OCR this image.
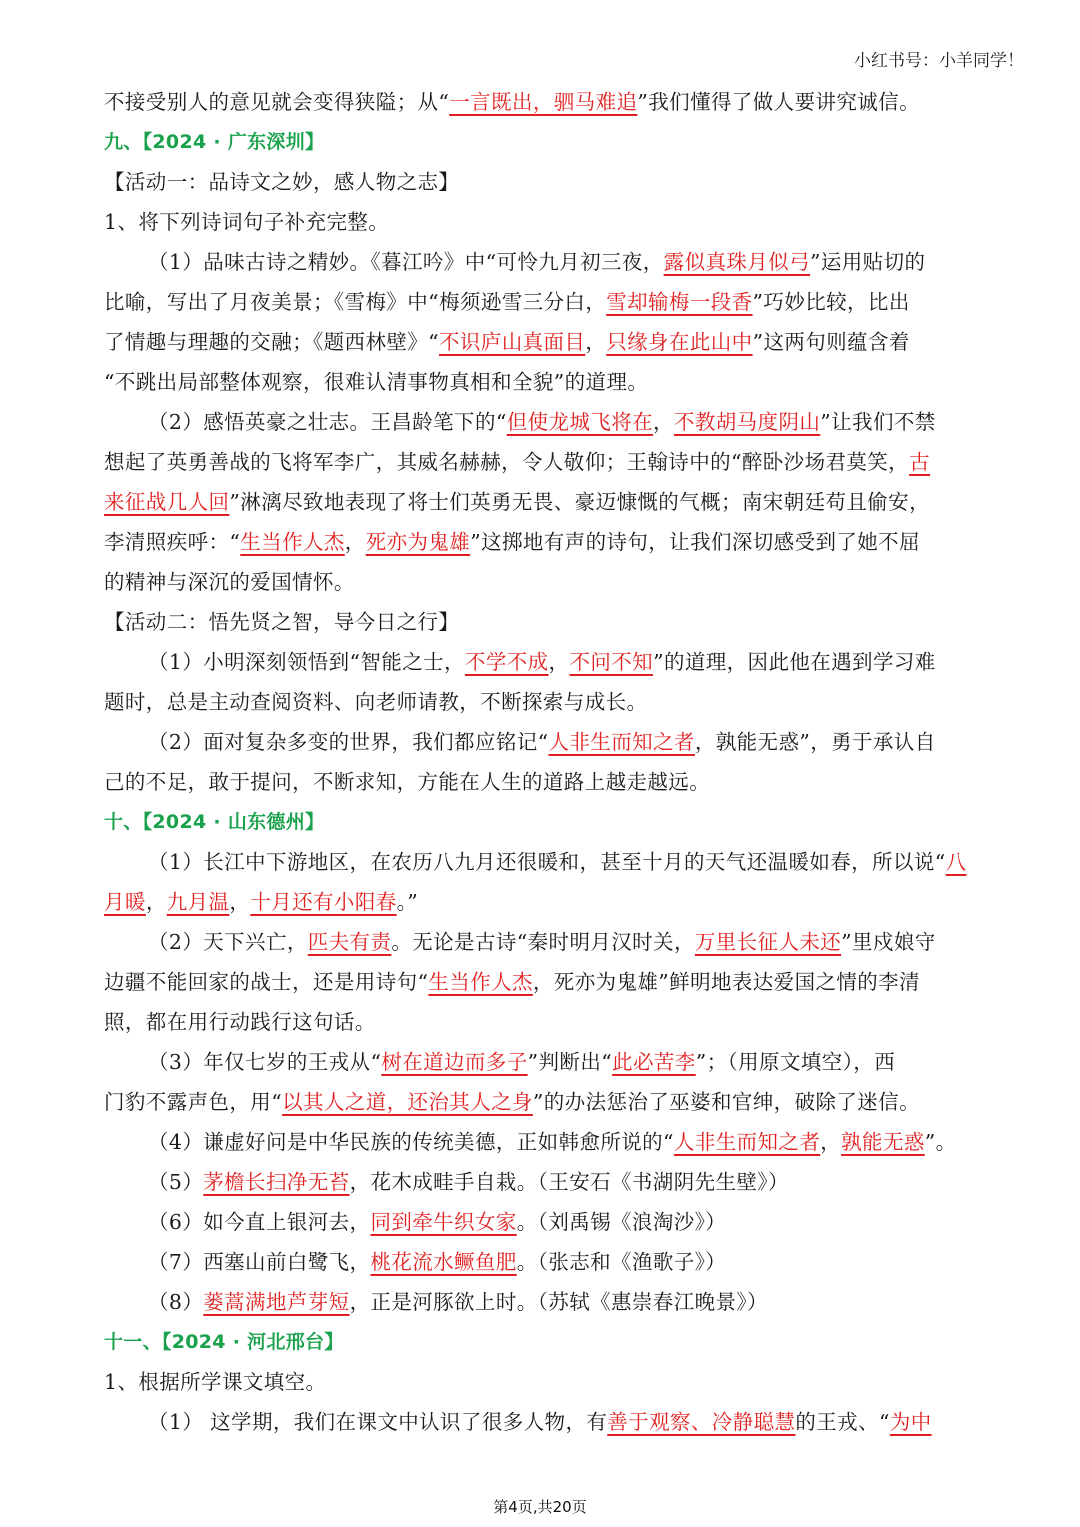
小红书号：小羊同学！
不接受别人的意见就会变得狭隘；从“一言既出，驷马难追”我们懂得了做人要讲究诚信。
九、【2024 · 广东深圳】
【活动一：品诗文之妙，感人物之志】
1、将下列诗词句子补充完整。
（1）品味古诗之精妙。《暮江吟》中“可怜九月初三夜，露似真珠月似弓”运用贴切的
比喻，写出了月夜美景；《雪梅》中“梅须逊雪三分白，雪却输梅一段香”巧妙比较，比出
了情趣与理趣的交融；《题西林壁》“不识庐山真面目，只缘身在此山中”这两句则蕴含着
“不跳出局部整体观察，很难认清事物真相和全貌”的道理。
（2）感悟英豪之壮志。王昌龄笔下的“但使龙城飞将在，不教胡马度阴山”让我们不禁
想起了英勇善战的飞将军李广，其威名赫赫，令人敬仰；王翰诗中的“醉卧沙场君莫笑，古
来征战几人回”淋漓尽致地表现了将士们英勇无畏、豪迈慷慨的气概；南宋朝廷苟且偷安，
李清照疾呼：“生当作人杰，死亦为鬼雄”这掷地有声的诗句，让我们深切感受到了她不屈
的精神与深沉的爱国情怀。
【活动二：悟先贤之智，导今日之行】
（1）小明深刻领悟到“智能之士，不学不成，不问不知”的道理，因此他在遇到学习难
题时，总是主动查阅资料、向老师请教，不断探索与成长。
（2）面对复杂多变的世界，我们都应铭记“人非生而知之者，孰能无惑”，勇于承认自
己的不足，敢于提问，不断求知，方能在人生的道路上越走越远。
十、【2024 · 山东德州】
（1）长江中下游地区，在农历八九月还很暖和，甚至十月的天气还温暖如春，所以说“八
月暖，九月温，十月还有小阳春。”
（2）天下兴亡，匹夫有责。无论是古诗“秦时明月汉时关，万里长征人未还”里戍娘守
边疆不能回家的战士，还是用诗句“生当作人杰，死亦为鬼雄”鲜明地表达爱国之情的李清
照，都在用行动践行这句话。
（3）年仅七岁的王戎从“树在道边而多子”判断出“此必苦李”；（用原文填空），西
门豹不露声色，用“以其人之道，还治其人之身”的办法惩治了巫婆和官绅，破除了迷信。
（4）谦虚好问是中华民族的传统美德，正如韩愈所说的“人非生而知之者，孰能无惑”。
（5）茅檐长扫净无苔，花木成畦手自栽。（王安石《书湖阴先生壁》）
（6）如今直上银河去，同到牵牛织女家。（刘禹锡《浪淘沙》）
（7）西塞山前白鹭飞，桃花流水鳜鱼肥。（张志和《渔歌子》）
（8）蒌蒿满地芦芽短，正是河豚欲上时。（苏轼《惠崇春江晚景》）
十一、【2024 · 河北邢台】
1、根据所学课文填空。
（1） 这学期，我们在课文中认识了很多人物，有善于观察、冷静聪慧的王戎、“为中
第4页,共20页
